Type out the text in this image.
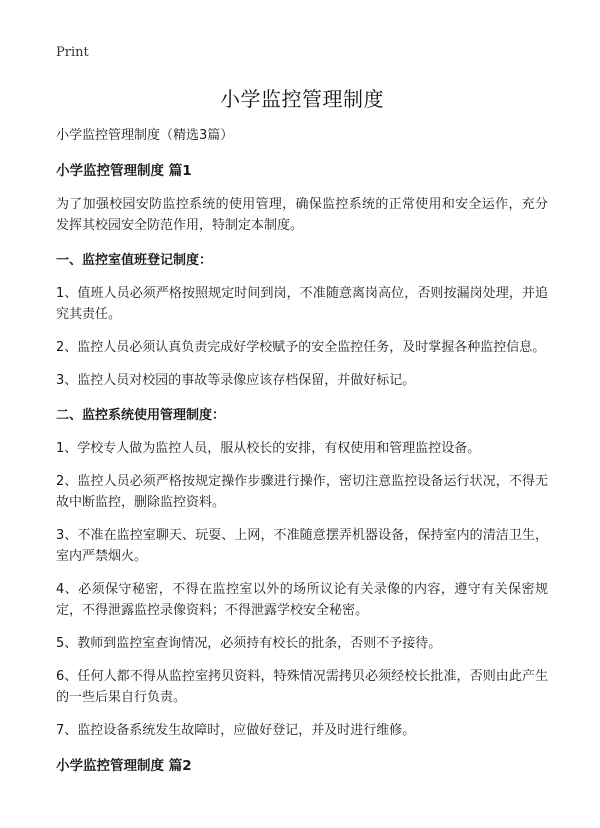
Print

小学监控管理制度

小学监控管理制度（精选3篇）

小学监控管理制度 篇1

为了加强校园安防监控系统的使用管理，确保监控系统的正常使用和安全运作，充分发挥其校园安全防范作用，特制定本制度。

一、监控室值班登记制度：

1、值班人员必须严格按照规定时间到岗，不准随意离岗高位，否则按漏岗处理，并追究其责任。

2、监控人员必须认真负责完成好学校赋予的安全监控任务，及时掌握各种监控信息。

3、监控人员对校园的事故等录像应该存档保留，并做好标记。

二、监控系统使用管理制度：

1、学校专人做为监控人员，服从校长的安排，有权使用和管理监控设备。

2、监控人员必须严格按规定操作步骤进行操作，密切注意监控设备运行状况，不得无故中断监控，删除监控资料。

3、不准在监控室聊天、玩耍、上网，不准随意摆弄机器设备，保持室内的清洁卫生，室内严禁烟火。

4、必须保守秘密，不得在监控室以外的场所议论有关录像的内容，遵守有关保密规定，不得泄露监控录像资料；不得泄露学校安全秘密。

5、教师到监控室查询情况，必须持有校长的批条，否则不予接待。

6、任何人都不得从监控室拷贝资料，特殊情况需拷贝必须经校长批准，否则由此产生的一些后果自行负责。

7、监控设备系统发生故障时，应做好登记，并及时进行维修。

小学监控管理制度 篇2
